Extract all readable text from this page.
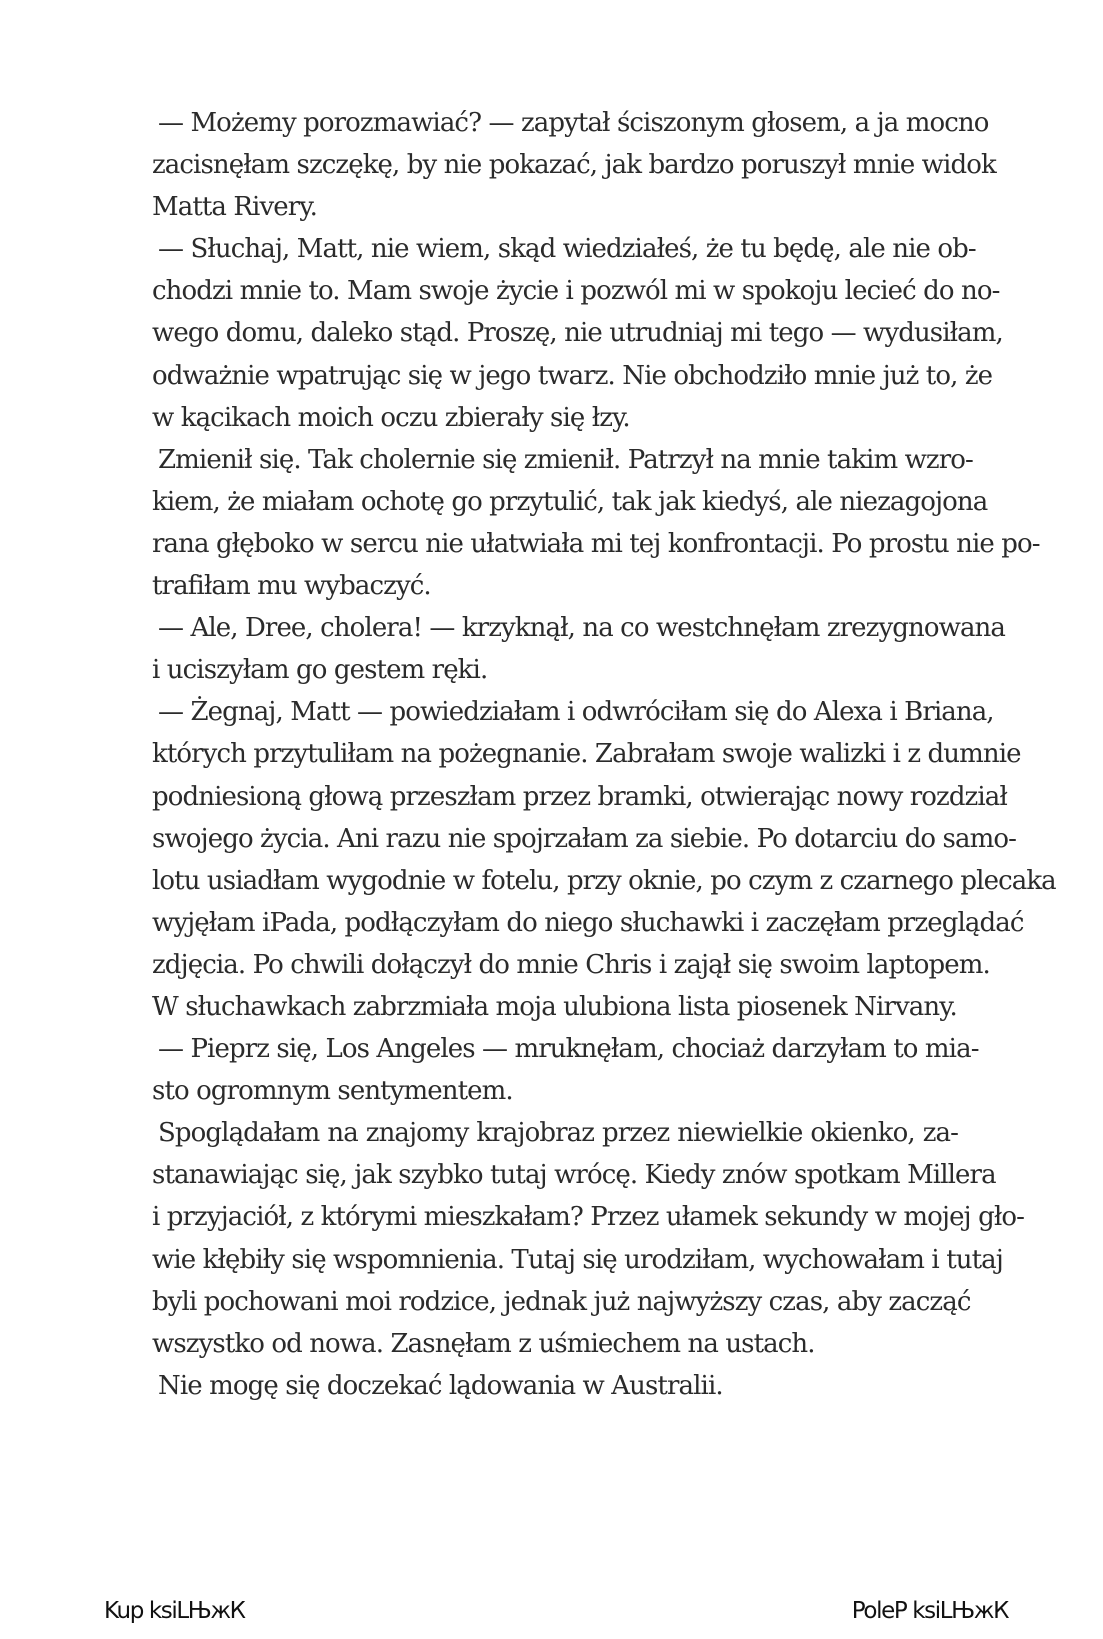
— Możemy porozmawiać? — zapytał ściszonym głosem, a ja mocno
zacisnęłam szczękę, by nie pokazać, jak bardzo poruszył mnie widok
Matta Rivery.
— Słuchaj, Matt, nie wiem, skąd wiedziałeś, że tu będę, ale nie ob-
chodzi mnie to. Mam swoje życie i pozwól mi w spokoju lecieć do no-
wego domu, daleko stąd. Proszę, nie utrudniaj mi tego — wydusiłam,
odważnie wpatrując się w jego twarz. Nie obchodziło mnie już to, że
w kącikach moich oczu zbierały się łzy.
Zmienił się. Tak cholernie się zmienił. Patrzył na mnie takim wzro-
kiem, że miałam ochotę go przytulić, tak jak kiedyś, ale niezagojona
rana głęboko w sercu nie ułatwiała mi tej konfrontacji. Po prostu nie po-
trafiłam mu wybaczyć.
— Ale, Dree, cholera! — krzyknął, na co westchnęłam zrezygnowana
i uciszyłam go gestem ręki.
— Żegnaj, Matt — powiedziałam i odwróciłam się do Alexa i Briana,
których przytuliłam na pożegnanie. Zabrałam swoje walizki i z dumnie
podniesioną głową przeszłam przez bramki, otwierając nowy rozdział
swojego życia. Ani razu nie spojrzałam za siebie. Po dotarciu do samo-
lotu usiadłam wygodnie w fotelu, przy oknie, po czym z czarnego plecaka
wyjęłam iPada, podłączyłam do niego słuchawki i zaczęłam przeglądać
zdjęcia. Po chwili dołączył do mnie Chris i zajął się swoim laptopem.
W słuchawkach zabrzmiała moja ulubiona lista piosenek Nirvany.
— Pieprz się, Los Angeles — mruknęłam, chociaż darzyłam to mia-
sto ogromnym sentymentem.
Spoglądałam na znajomy krajobraz przez niewielkie okienko, za-
stanawiając się, jak szybko tutaj wrócę. Kiedy znów spotkam Millera
i przyjaciół, z którymi mieszkałam? Przez ułamek sekundy w mojej gło-
wie kłębiły się wspomnienia. Tutaj się urodziłam, wychowałam i tutaj
byli pochowani moi rodzice, jednak już najwyższy czas, aby zacząć
wszystko od nowa. Zasnęłam z uśmiechem na ustach.
Nie mogę się doczekać lądowania w Australii.
Kup ksiLЊжК	PoleP ksiLЊжК
